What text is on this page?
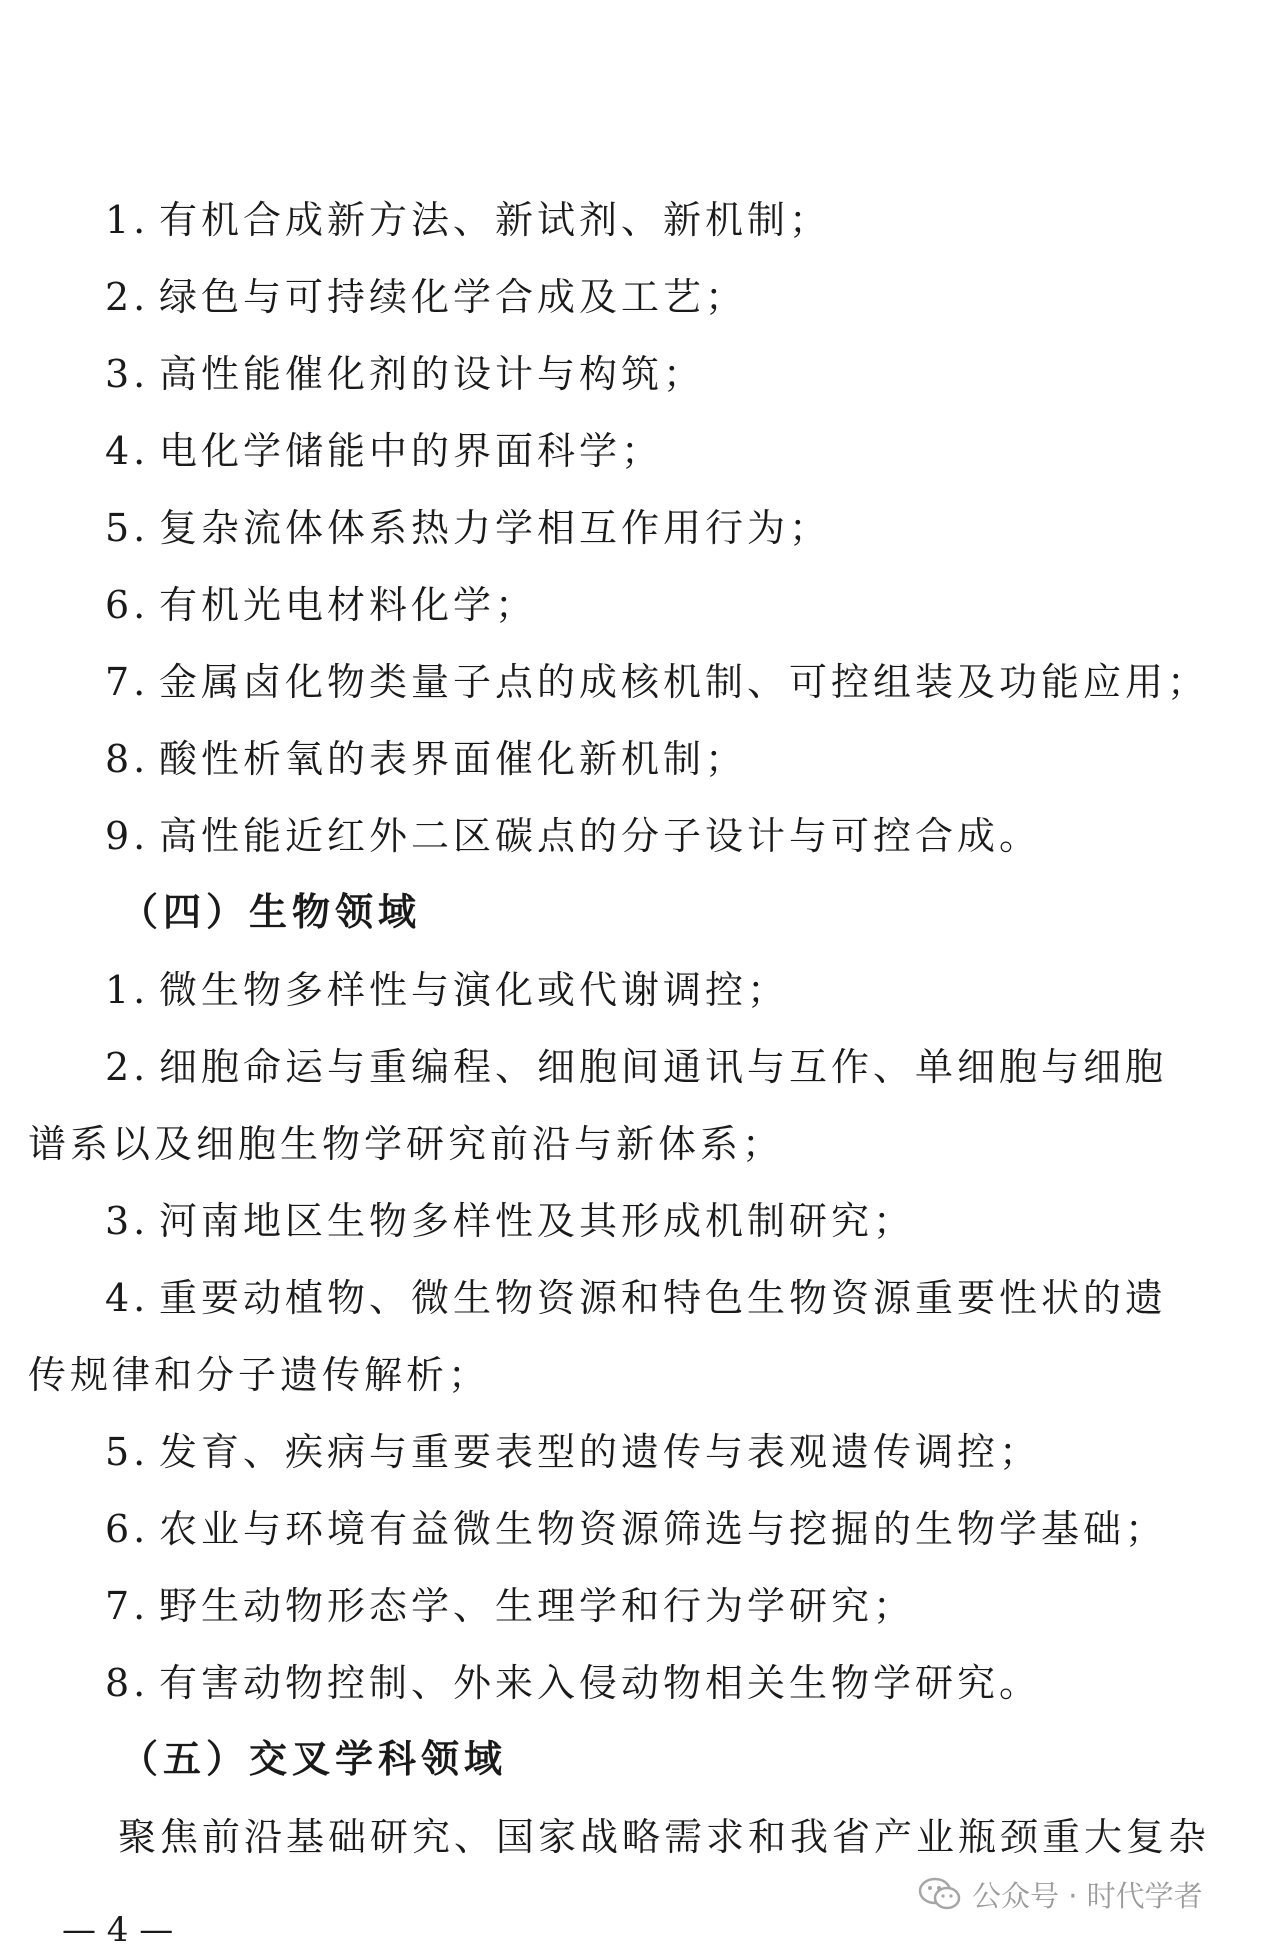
1. 有机合成新方法、新试剂、新机制；
2. 绿色与可持续化学合成及工艺；
3. 高性能催化剂的设计与构筑；
4. 电化学储能中的界面科学；
5. 复杂流体体系热力学相互作用行为；
6. 有机光电材料化学；
7. 金属卤化物类量子点的成核机制、可控组装及功能应用；
8. 酸性析氧的表界面催化新机制；
9. 高性能近红外二区碳点的分子设计与可控合成。
（四）生物领域
1. 微生物多样性与演化或代谢调控；
2. 细胞命运与重编程、细胞间通讯与互作、单细胞与细胞
谱系以及细胞生物学研究前沿与新体系；
3. 河南地区生物多样性及其形成机制研究；
4. 重要动植物、微生物资源和特色生物资源重要性状的遗
传规律和分子遗传解析；
5. 发育、疾病与重要表型的遗传与表观遗传调控；
6. 农业与环境有益微生物资源筛选与挖掘的生物学基础；
7. 野生动物形态学、生理学和行为学研究；
8. 有害动物控制、外来入侵动物相关生物学研究。
（五）交叉学科领域
聚焦前沿基础研究、国家战略需求和我省产业瓶颈重大复杂
— 4 —
公众号 · 时代学者
